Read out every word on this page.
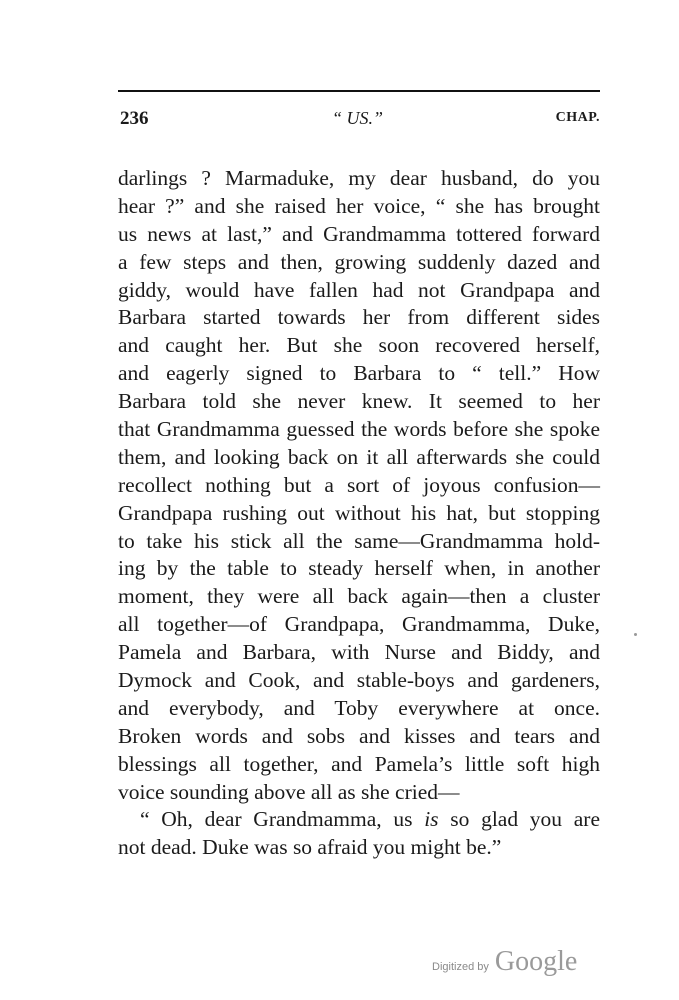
236	“ US.”	CHAP.
darlings ? Marmaduke, my dear husband, do you
hear ?” and she raised her voice, “ she has brought
us news at last,” and Grandmamma tottered forward
a few steps and then, growing suddenly dazed and
giddy, would have fallen had not Grandpapa and
Barbara started towards her from different sides
and caught her. But she soon recovered herself,
and eagerly signed to Barbara to “ tell.” How
Barbara told she never knew. It seemed to her
that Grandmamma guessed the words before she spoke
them, and looking back on it all afterwards she could
recollect nothing but a sort of joyous confusion—
Grandpapa rushing out without his hat, but stopping
to take his stick all the same—Grandmamma hold-
ing by the table to steady herself when, in another
moment, they were all back again—then a cluster
all together—of Grandpapa, Grandmamma, Duke,
Pamela and Barbara, with Nurse and Biddy, and
Dymock and Cook, and stable-boys and gardeners,
and everybody, and Toby everywhere at once.
Broken words and sobs and kisses and tears and
blessings all together, and Pamela’s little soft high
voice sounding above all as she cried—
“ Oh, dear Grandmamma, us is so glad you are
not dead. Duke was so afraid you might be.”
Digitized by Google
